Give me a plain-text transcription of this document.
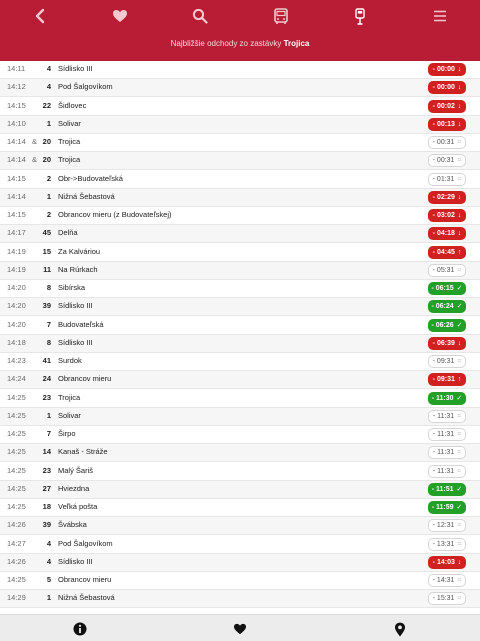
Najbližšie odchody zo zastávky Trojica
14:11	4 Sídlisko III	- 00:00 ↓
14:12	4 Pod Šalgovíkom	- 00:00 ↓
14:15	22 Šidlovec	- 00:02 ↓
14:10	1 Solivar	- 00:13 ↓
14:14 & 20 Trojica	- 00:31 ⌗
14:14 & 20 Trojica	- 00:31 ⌗
14:15	2 Obr->Budovateľská	- 01:31 ⌗
14:14	1 Nižná Šebastová	- 02:29 ↓
14:15	2 Obrancov mieru (z Budovateľskej)	- 03:02 ↓
14:17	45 Delňa	- 04:18 ↓
14:19	15 Za Kalváriou	- 04:45 ↑
14:19	11 Na Rúrkach	- 05:31 ⌗
14:20	8 Sibírska	- 06:15 ✓
14:20	39 Sídlisko III	- 06:24 ✓
14:20	7 Budovateľská	- 06:26 ✓
14:18	8 Sídlisko III	- 06:39 ↓
14:23	41 Surdok	- 09:31 ⌗
14:24	24 Obrancov mieru	- 09:31 ↑
14:25	23 Trojica	- 11:30 ✓
14:25	1 Solivar	- 11:31 ⌗
14:25	7 Širpo	- 11:31 ⌗
14:25	14 Kanaš - Stráže	- 11:31 ⌗
14:25	23 Malý Šariš	- 11:31 ⌗
14:25	27 Hviezdna	- 11:51 ✓
14:25	18 Veľká pošta	- 11:59 ✓
14:26	39 Švábska	- 12:31 ⌗
14:27	4 Pod Šalgovíkom	- 13:31 ⌗
14:26	4 Sídlisko III	- 14:03 ↓
14:25	5 Obrancov mieru	- 14:31 ⌗
14:29	1 Nižná Šebastová	- 15:31 ⌗
